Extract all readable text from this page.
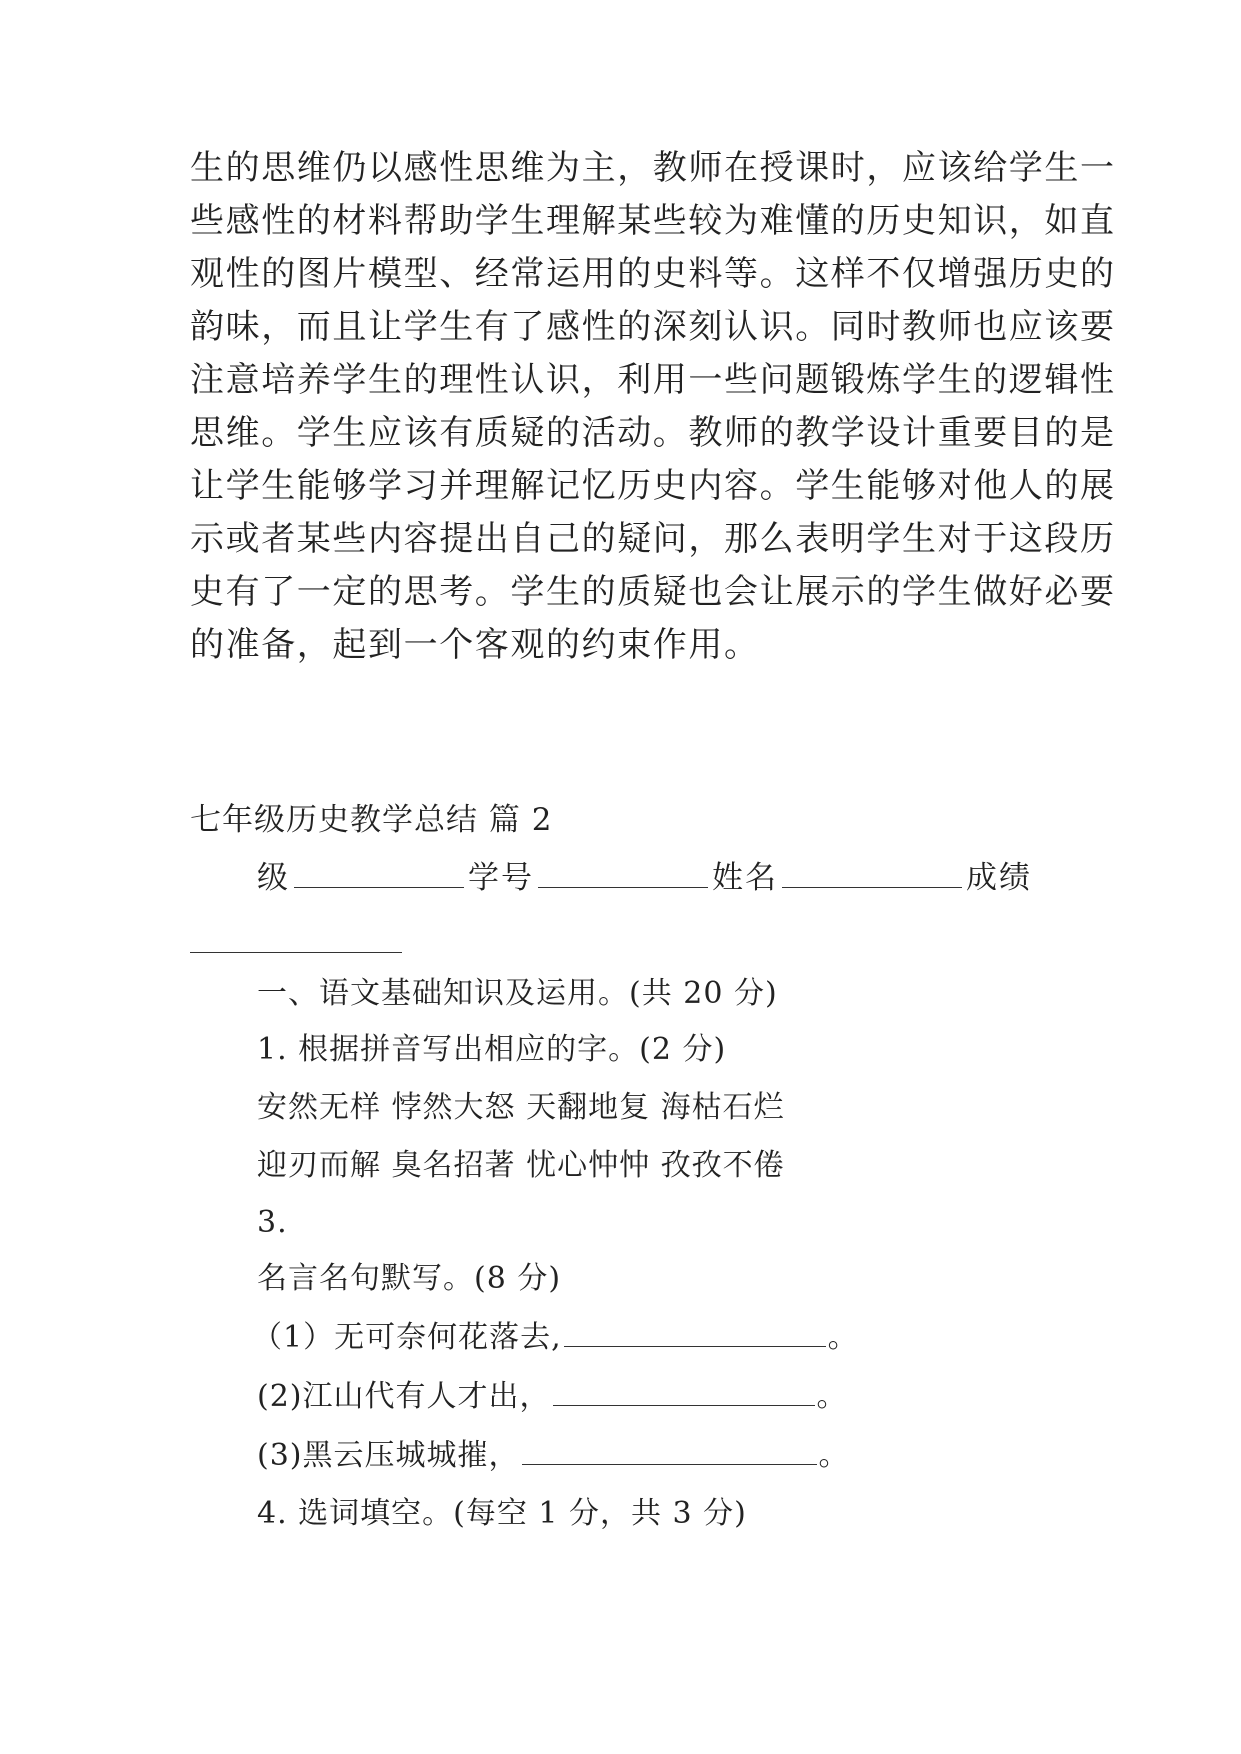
生的思维仍以感性思维为主，教师在授课时，应该给学生一
些感性的材料帮助学生理解某些较为难懂的历史知识，如直
观性的图片模型、经常运用的史料等。这样不仅增强历史的
韵味，而且让学生有了感性的深刻认识。同时教师也应该要
注意培养学生的理性认识，利用一些问题锻炼学生的逻辑性
思维。学生应该有质疑的活动。教师的教学设计重要目的是
让学生能够学习并理解记忆历史内容。学生能够对他人的展
示或者某些内容提出自己的疑问，那么表明学生对于这段历
史有了一定的思考。学生的质疑也会让展示的学生做好必要
的准备，起到一个客观的约束作用。
七年级历史教学总结 篇 2
级	学号	姓名	成绩
一、语文基础知识及运用。(共 20 分)
1. 根据拼音写出相应的字。(2 分)
安然无样 悖然大怒 天翻地复 海枯石烂
迎刃而解 臭名招著 忧心忡忡 孜孜不倦
3.
名言名句默写。(8 分)
（1）无可奈何花落去,	。
(2)江山代有人才出，	。
(3)黑云压城城摧，	。
4. 选词填空。(每空 1 分，共 3 分)
